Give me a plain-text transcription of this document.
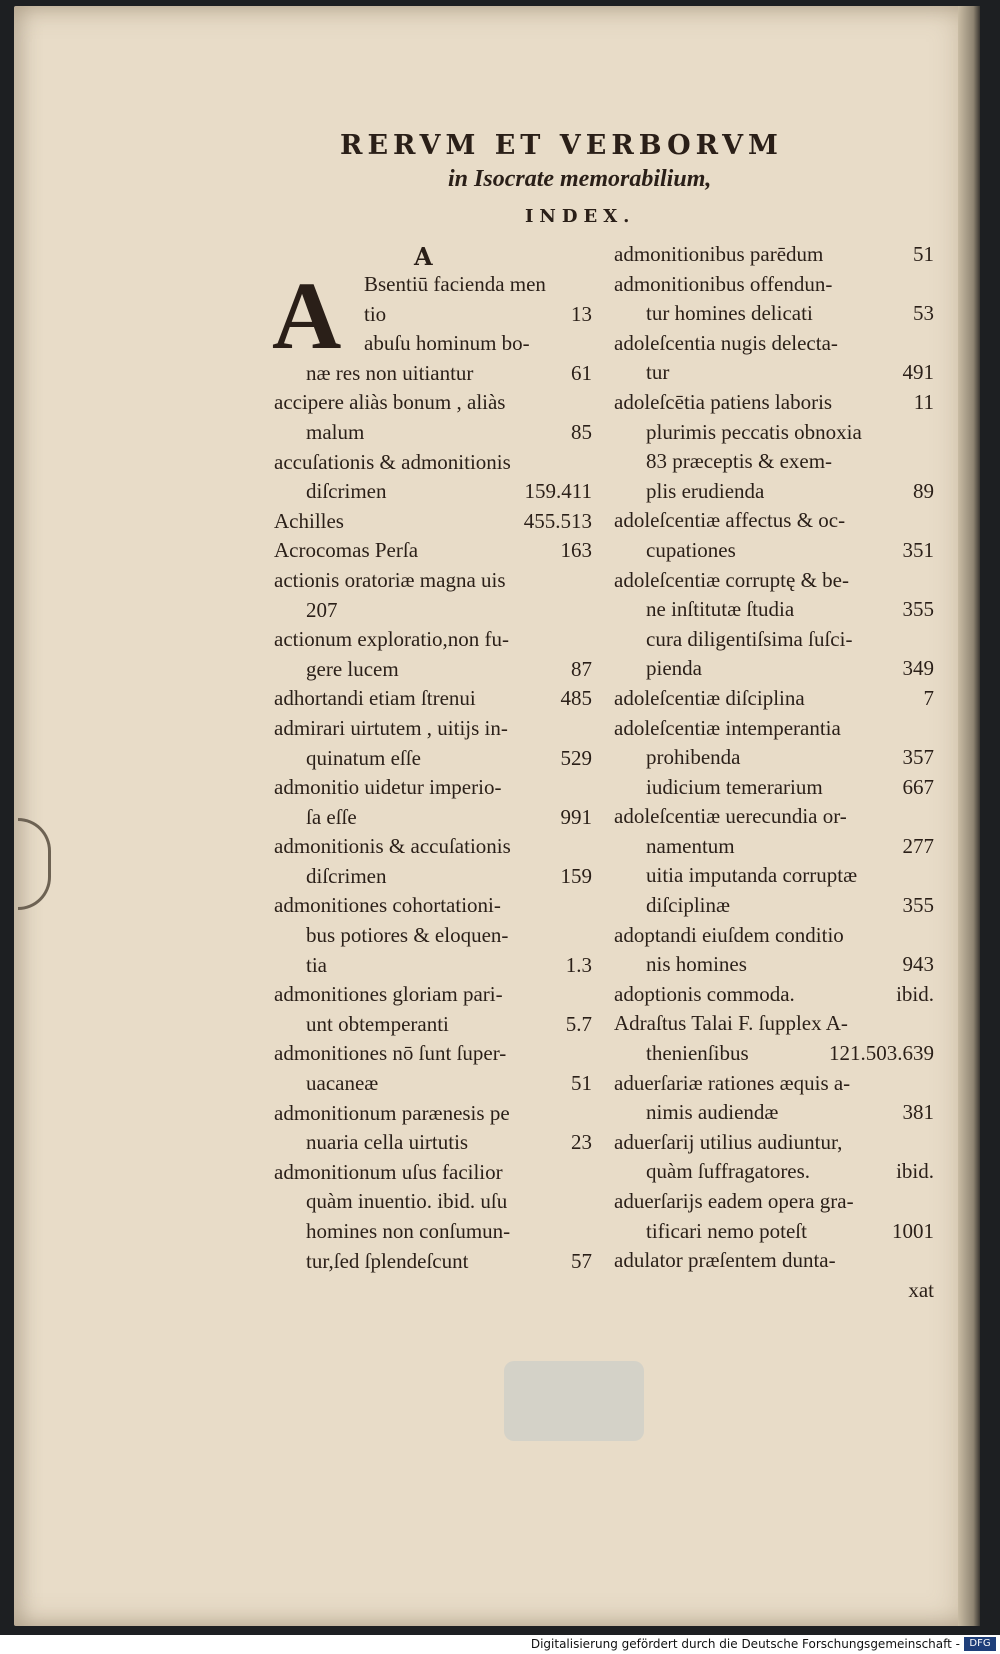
RERVM ET VERBORVM
in Isocrate memorabilium,
INDEX.
A
A Bsentiū facienda men
tio	13
abuſu hominum bo-
næ res non uitiantur	61
accipere aliàs bonum , aliàs
malum	85
accuſationis & admonitionis
diſcrimen	159.411
Achilles	455.513
Acrocomas Perſa	163
actionis oratoriæ magna uis
207
actionum exploratio,non fu-
gere lucem	87
adhortandi etiam ſtrenui	485
admirari uirtutem , uitijs in-
quinatum eſſe	529
admonitio uidetur imperio-
ſa eſſe	991
admonitionis & accuſationis
diſcrimen	159
admonitiones cohortationi-
bus potiores & eloquen-
tia	1.3
admonitiones gloriam pari-
unt obtemperanti	5.7
admonitiones nō ſunt ſuper-
uacaneæ	51
admonitionum parænesis pe
nuaria cella uirtutis	23
admonitionum uſus facilior
quàm inuentio. ibid. uſu
homines non conſumun-
tur,ſed ſplendeſcunt	57
admonitionibus parēdum	51
admonitionibus offendun-
tur homines delicati	53
adoleſcentia nugis delecta-
tur	491
adoleſcētia patiens laboris	11
plurimis peccatis obnoxia
83 præceptis & exem-
plis erudienda	89
adoleſcentiæ affectus & oc-
cupationes	351
adoleſcentiæ corruptę & be-
ne inſtitutæ ſtudia	355
cura diligentiſsima ſuſci-
pienda	349
adoleſcentiæ diſciplina	7
adoleſcentiæ intemperantia
prohibenda	357
iudicium temerarium	667
adoleſcentiæ uerecundia or-
namentum	277
uitia imputanda corruptæ
diſciplinæ	355
adoptandi eiuſdem conditio
nis homines	943
adoptionis commoda.	ibid.
Adraſtus Talai F. ſupplex A-
thenienſibus	121.503.639
aduerſariæ rationes æquis a-
nimis audiendæ	381
aduerſarij utilius audiuntur,
quàm ſuffragatores.	ibid.
aduerſarijs eadem opera gra-
tificari nemo poteſt	1001
adulator præſentem duntа-
xat
Digitalisierung gefördert durch die Deutsche Forschungsgemeinschaft - DFG
